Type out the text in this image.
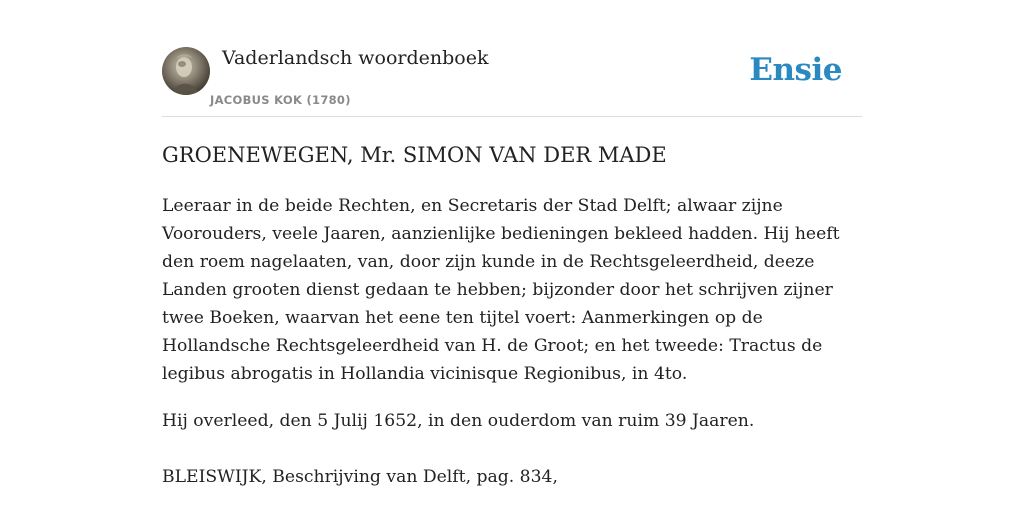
Vaderlandsch woordenboek
JACOBUS KOK (1780)
Ensie
GROENEWEGEN, Mr. SIMON VAN DER MADE

Leeraar in de beide Rechten, en Secretaris der Stad Delft; alwaar zijne Voorouders, veele Jaaren, aanzienlijke bedieningen bekleed hadden. Hij heeft den roem nagelaaten, van, door zijn kunde in de Rechtsgeleerdheid, deeze Landen grooten dienst gedaan te hebben; bijzonder door het schrijven zijner twee Boeken, waarvan het eene ten tijtel voert: Aanmerkingen op de Hollandsche Rechtsgeleerdheid van H. de Groot; en het tweede: Tractus de legibus abrogatis in Hollandia vicinisque Regionibus, in 4to.

Hij overleed, den 5 Julij 1652, in den ouderdom van ruim 39 Jaaren.

BLEISWIJK, Beschrijving van Delft, pag. 834,
